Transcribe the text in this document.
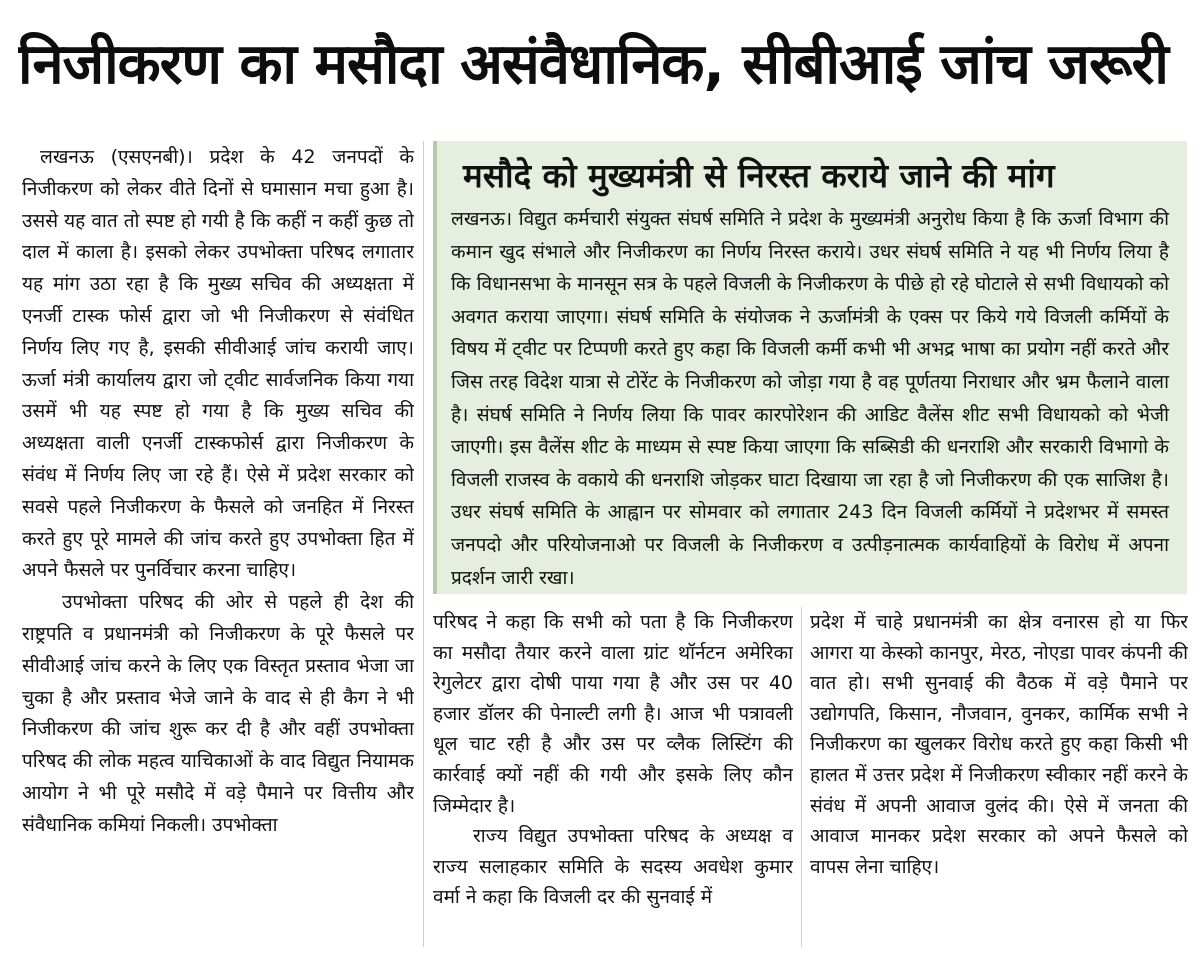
निजीकरण का मसौदा असंवैधानिक, सीबीआई जांच जरूरी

लखनऊ (एसएनबी)। प्रदेश के 42 जनपदों के निजीकरण को लेकर वीते दिनों से घमासान मचा हुआ है। उससे यह वात तो स्पष्ट हो गयी है कि कहीं न कहीं कुछ तो दाल में काला है। इसको लेकर उपभोक्ता परिषद लगातार यह मांग उठा रहा है कि मुख्य सचिव की अध्यक्षता में एनर्जी टास्क फोर्स द्वारा जो भी निजीकरण से संवंधित निर्णय लिए गए है, इसकी सीवीआई जांच करायी जाए। ऊर्जा मंत्री कार्यालय द्वारा जो ट्वीट सार्वजनिक किया गया उसमें भी यह स्पष्ट हो गया है कि मुख्य सचिव की अध्यक्षता वाली एनर्जी टास्कफोर्स द्वारा निजीकरण के संवंध में निर्णय लिए जा रहे हैं। ऐसे में प्रदेश सरकार को सवसे पहले निजीकरण के फैसले को जनहित में निरस्त करते हुए पूरे मामले की जांच करते हुए उपभोक्ता हित में अपने फैसले पर पुनर्विचार करना चाहिए।

उपभोक्ता परिषद की ओर से पहले ही देश की राष्ट्रपति व प्रधानमंत्री को निजीकरण के पूरे फैसले पर सीवीआई जांच करने के लिए एक विस्तृत प्रस्ताव भेजा जा चुका है और प्रस्ताव भेजे जाने के वाद से ही कैग ने भी निजीकरण की जांच शुरू कर दी है और वहीं उपभोक्ता परिषद की लोक महत्व याचिकाओं के वाद विद्युत नियामक आयोग ने भी पूरे मसौदे में वड़े पैमाने पर वित्तीय और संवैधानिक कमियां निकली। उपभोक्ता

मसौदे को मुख्यमंत्री से निरस्त कराये जाने की मांग
लखनऊ। विद्युत कर्मचारी संयुक्त संघर्ष समिति ने प्रदेश के मुख्यमंत्री अनुरोध किया है कि ऊर्जा विभाग की कमान खुद संभाले और निजीकरण का निर्णय निरस्त कराये। उधर संघर्ष समिति ने यह भी निर्णय लिया है कि विधानसभा के मानसून सत्र के पहले विजली के निजीकरण के पीछे हो रहे घोटाले से सभी विधायको को अवगत कराया जाएगा। संघर्ष समिति के संयोजक ने ऊर्जामंत्री के एक्स पर किये गये विजली कर्मियों के विषय में ट्वीट पर टिप्पणी करते हुए कहा कि विजली कर्मी कभी भी अभद्र भाषा का प्रयोग नहीं करते और जिस तरह विदेश यात्रा से टोरेंट के निजीकरण को जोड़ा गया है वह पूर्णतया निराधार और भ्रम फैलाने वाला है। संघर्ष समिति ने निर्णय लिया कि पावर कारपोरेशन की आडिट वैलेंस शीट सभी विधायको को भेजी जाएगी। इस वैलेंस शीट के माध्यम से स्पष्ट किया जाएगा कि सब्सिडी की धनराशि और सरकारी विभागो के विजली राजस्व के वकाये की धनराशि जोड़कर घाटा दिखाया जा रहा है जो निजीकरण की एक साजिश है। उधर संघर्ष समिति के आह्वान पर सोमवार को लगातार 243 दिन विजली कर्मियों ने प्रदेशभर में समस्त जनपदो और परियोजनाओ पर विजली के निजीकरण व उत्पीड़नात्मक कार्यवाहियों के विरोध में अपना प्रदर्शन जारी रखा।

परिषद ने कहा कि सभी को पता है कि निजीकरण का मसौदा तैयार करने वाला ग्रांट थॉर्नटन अमेरिका रेगुलेटर द्वारा दोषी पाया गया है और उस पर 40 हजार डॉलर की पेनाल्टी लगी है। आज भी पत्रावली धूल चाट रही है और उस पर व्लैक लिस्टिंग की कार्रवाई क्यों नहीं की गयी और इसके लिए कौन जिम्मेदार है।

राज्य विद्युत उपभोक्ता परिषद के अध्यक्ष व राज्य सलाहकार समिति के सदस्य अवधेश कुमार वर्मा ने कहा कि विजली दर की सुनवाई में

प्रदेश में चाहे प्रधानमंत्री का क्षेत्र वनारस हो या फिर आगरा या केस्को कानपुर, मेरठ, नोएडा पावर कंपनी की वात हो। सभी सुनवाई की वैठक में वड़े पैमाने पर उद्योगपति, किसान, नौजवान, वुनकर, कार्मिक सभी ने निजीकरण का खुलकर विरोध करते हुए कहा किसी भी हालत में उत्तर प्रदेश में निजीकरण स्वीकार नहीं करने के संवंध में अपनी आवाज वुलंद की। ऐसे में जनता की आवाज मानकर प्रदेश सरकार को अपने फैसले को वापस लेना चाहिए।
